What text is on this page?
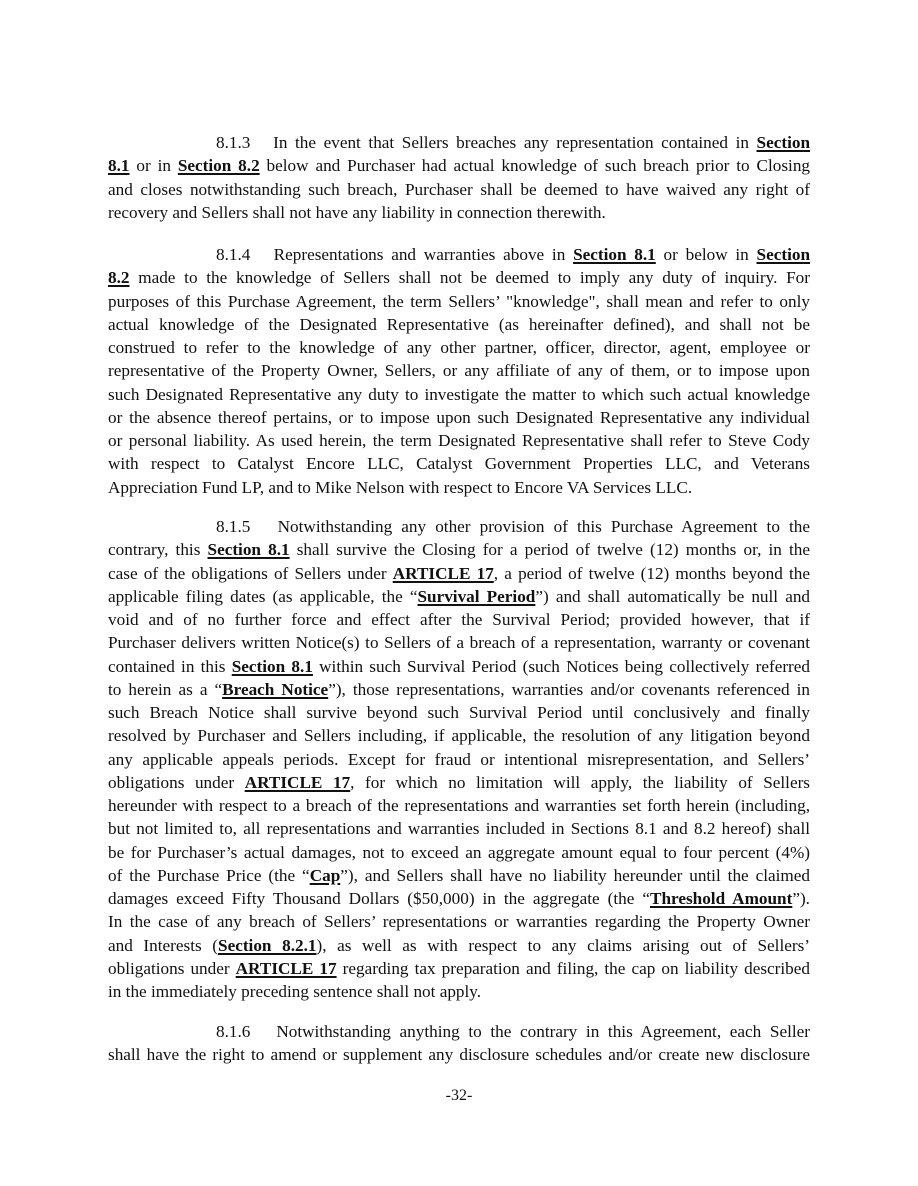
8.1.3   In the event that Sellers breaches any representation contained in Section
8.1 or in Section 8.2 below and Purchaser had actual knowledge of such breach prior to Closing
and closes notwithstanding such breach, Purchaser shall be deemed to have waived any right of
recovery and Sellers shall not have any liability in connection therewith.
8.1.4   Representations and warranties above in Section 8.1 or below in Section
8.2 made to the knowledge of Sellers shall not be deemed to imply any duty of inquiry. For
purposes of this Purchase Agreement, the term Sellers’ "knowledge", shall mean and refer to only
actual knowledge of the Designated Representative (as hereinafter defined), and shall not be
construed to refer to the knowledge of any other partner, officer, director, agent, employee or
representative of the Property Owner, Sellers, or any affiliate of any of them, or to impose upon
such Designated Representative any duty to investigate the matter to which such actual knowledge
or the absence thereof pertains, or to impose upon such Designated Representative any individual
or personal liability. As used herein, the term Designated Representative shall refer to Steve Cody
with respect to Catalyst Encore LLC, Catalyst Government Properties LLC, and Veterans
Appreciation Fund LP, and to Mike Nelson with respect to Encore VA Services LLC.
8.1.5   Notwithstanding any other provision of this Purchase Agreement to the
contrary, this Section 8.1 shall survive the Closing for a period of twelve (12) months or, in the
case of the obligations of Sellers under ARTICLE 17, a period of twelve (12) months beyond the
applicable filing dates (as applicable, the “Survival Period”) and shall automatically be null and
void and of no further force and effect after the Survival Period; provided however, that if
Purchaser delivers written Notice(s) to Sellers of a breach of a representation, warranty or covenant
contained in this Section 8.1 within such Survival Period (such Notices being collectively referred
to herein as a “Breach Notice”), those representations, warranties and/or covenants referenced in
such Breach Notice shall survive beyond such Survival Period until conclusively and finally
resolved by Purchaser and Sellers including, if applicable, the resolution of any litigation beyond
any applicable appeals periods. Except for fraud or intentional misrepresentation, and Sellers’
obligations under ARTICLE 17, for which no limitation will apply, the liability of Sellers
hereunder with respect to a breach of the representations and warranties set forth herein (including,
but not limited to, all representations and warranties included in Sections 8.1 and 8.2 hereof) shall
be for Purchaser’s actual damages, not to exceed an aggregate amount equal to four percent (4%)
of the Purchase Price (the “Cap”), and Sellers shall have no liability hereunder until the claimed
damages exceed Fifty Thousand Dollars ($50,000) in the aggregate (the “Threshold Amount”).
In the case of any breach of Sellers’ representations or warranties regarding the Property Owner
and Interests (Section 8.2.1), as well as with respect to any claims arising out of Sellers’
obligations under ARTICLE 17 regarding tax preparation and filing, the cap on liability described
in the immediately preceding sentence shall not apply.
8.1.6   Notwithstanding anything to the contrary in this Agreement, each Seller
shall have the right to amend or supplement any disclosure schedules and/or create new disclosure
-32-
